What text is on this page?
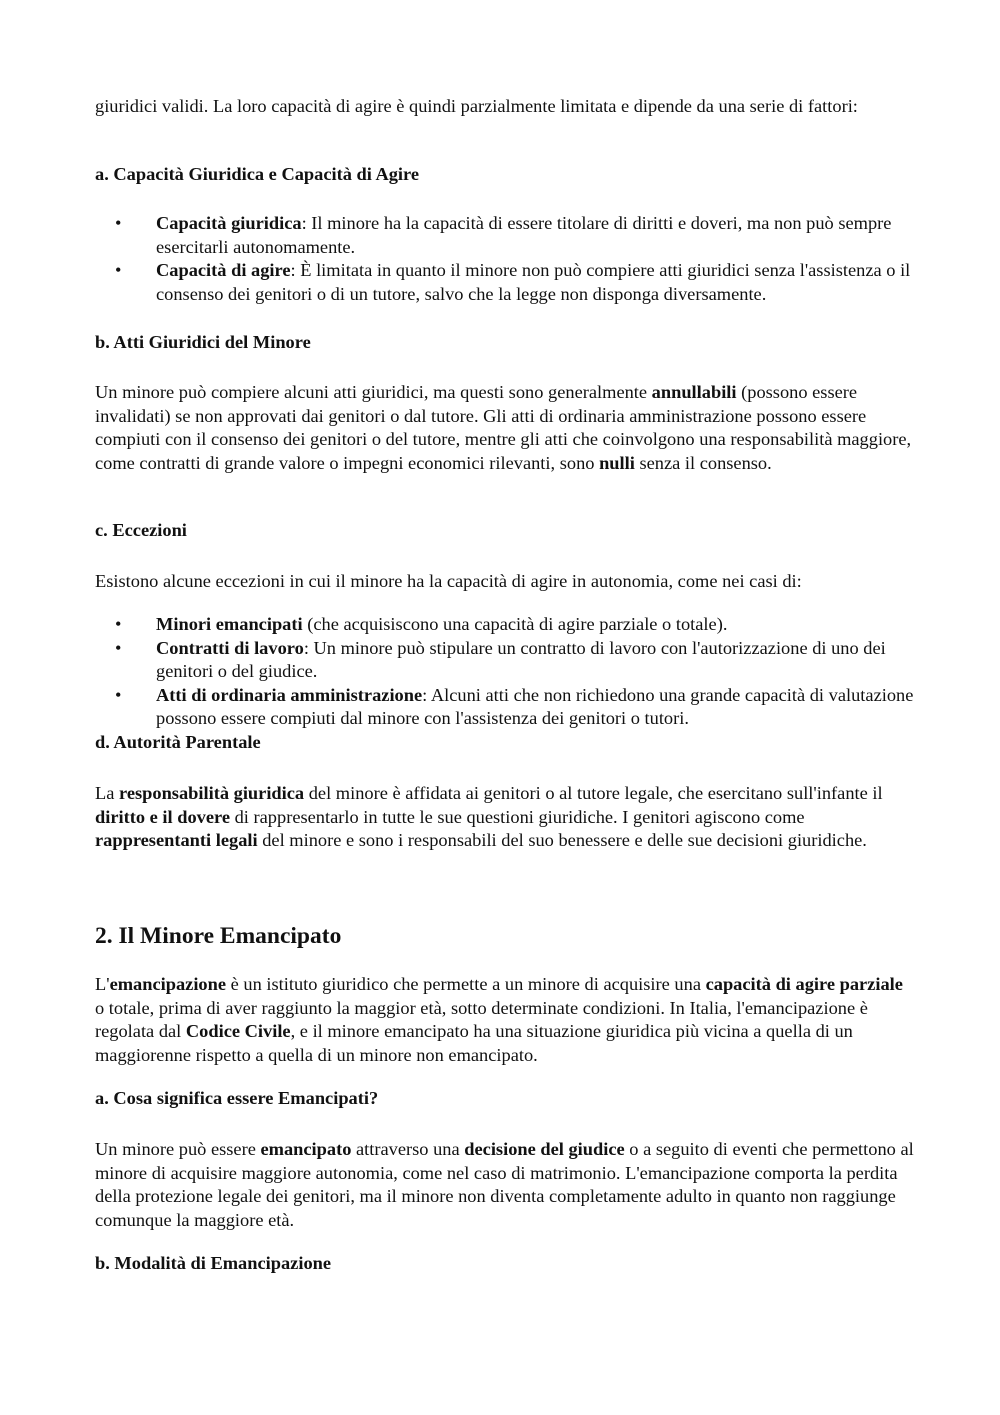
giuridici validi. La loro capacità di agire è quindi parzialmente limitata e dipende da una serie di fattori:

a. Capacità Giuridica e Capacità di Agire

• Capacità giuridica: Il minore ha la capacità di essere titolare di diritti e doveri, ma non può sempre esercitarli autonomamente.
• Capacità di agire: È limitata in quanto il minore non può compiere atti giuridici senza l'assistenza o il consenso dei genitori o di un tutore, salvo che la legge non disponga diversamente.

b. Atti Giuridici del Minore

Un minore può compiere alcuni atti giuridici, ma questi sono generalmente annullabili (possono essere invalidati) se non approvati dai genitori o dal tutore. Gli atti di ordinaria amministrazione possono essere compiuti con il consenso dei genitori o del tutore, mentre gli atti che coinvolgono una responsabilità maggiore, come contratti di grande valore o impegni economici rilevanti, sono nulli senza il consenso.

c. Eccezioni

Esistono alcune eccezioni in cui il minore ha la capacità di agire in autonomia, come nei casi di:

• Minori emancipati (che acquisiscono una capacità di agire parziale o totale).
• Contratti di lavoro: Un minore può stipulare un contratto di lavoro con l'autorizzazione di uno dei genitori o del giudice.
• Atti di ordinaria amministrazione: Alcuni atti che non richiedono una grande capacità di valutazione possono essere compiuti dal minore con l'assistenza dei genitori o tutori.

d. Autorità Parentale

La responsabilità giuridica del minore è affidata ai genitori o al tutore legale, che esercitano sull'infante il diritto e il dovere di rappresentarlo in tutte le sue questioni giuridiche. I genitori agiscono come rappresentanti legali del minore e sono i responsabili del suo benessere e delle sue decisioni giuridiche.

2. Il Minore Emancipato

L'emancipazione è un istituto giuridico che permette a un minore di acquisire una capacità di agire parziale o totale, prima di aver raggiunto la maggior età, sotto determinate condizioni. In Italia, l'emancipazione è regolata dal Codice Civile, e il minore emancipato ha una situazione giuridica più vicina a quella di un maggiorenne rispetto a quella di un minore non emancipato.

a. Cosa significa essere Emancipati?

Un minore può essere emancipato attraverso una decisione del giudice o a seguito di eventi che permettono al minore di acquisire maggiore autonomia, come nel caso di matrimonio. L'emancipazione comporta la perdita della protezione legale dei genitori, ma il minore non diventa completamente adulto in quanto non raggiunge comunque la maggiore età.

b. Modalità di Emancipazione
